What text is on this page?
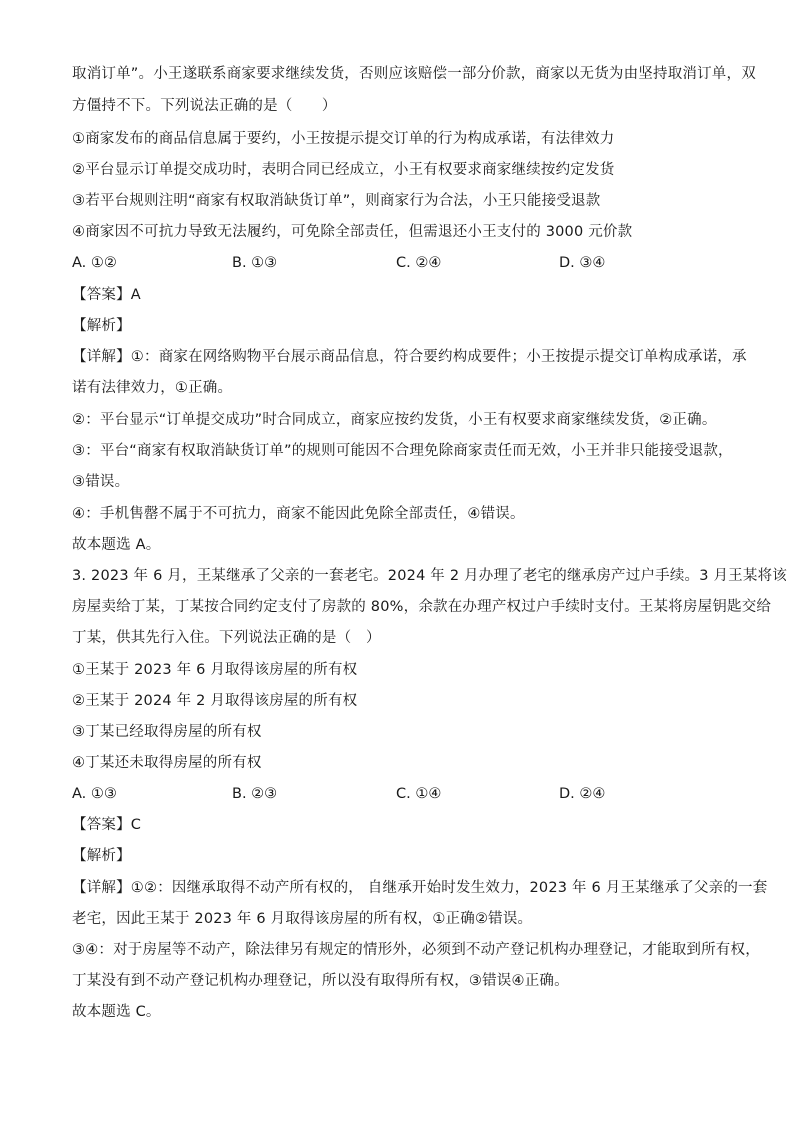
取消订单”。小王遂联系商家要求继续发货，否则应该赔偿一部分价款，商家以无货为由坚持取消订单，双
方僵持不下。下列说法正确的是（　　）
①商家发布的商品信息属于要约，小王按提示提交订单的行为构成承诺，有法律效力
②平台显示订单提交成功时，表明合同已经成立，小王有权要求商家继续按约定发货
③若平台规则注明“商家有权取消缺货订单”，则商家行为合法，小王只能接受退款
④商家因不可抗力导致无法履约，可免除全部责任，但需退还小王支付的 3000 元价款
A. ①②	B. ①③	C. ②④	D. ③④
【答案】A
【解析】
【详解】①：商家在网络购物平台展示商品信息，符合要约构成要件；小王按提示提交订单构成承诺，承
诺有法律效力，①正确。
②：平台显示“订单提交成功”时合同成立，商家应按约发货，小王有权要求商家继续发货，②正确。
③：平台“商家有权取消缺货订单”的规则可能因不合理免除商家责任而无效，小王并非只能接受退款，
③错误。
④：手机售罄不属于不可抗力，商家不能因此免除全部责任，④错误。
故本题选 A。
3. 2023 年 6 月，王某继承了父亲的一套老宅。2024 年 2 月办理了老宅的继承房产过户手续。3 月王某将该
房屋卖给丁某，丁某按合同约定支付了房款的 80%，余款在办理产权过户手续时支付。王某将房屋钥匙交给
丁某，供其先行入住。下列说法正确的是（　）
①王某于 2023 年 6 月取得该房屋的所有权
②王某于 2024 年 2 月取得该房屋的所有权
③丁某已经取得房屋的所有权
④丁某还未取得房屋的所有权
A. ①③	B. ②③	C. ①④	D. ②④
【答案】C
【解析】
【详解】①②：因继承取得不动产所有权的， 自继承开始时发生效力，2023 年 6 月王某继承了父亲的一套
老宅，因此王某于 2023 年 6 月取得该房屋的所有权，①正确②错误。
③④：对于房屋等不动产，除法律另有规定的情形外，必须到不动产登记机构办理登记，才能取到所有权，
丁某没有到不动产登记机构办理登记，所以没有取得所有权，③错误④正确。
故本题选 C。
